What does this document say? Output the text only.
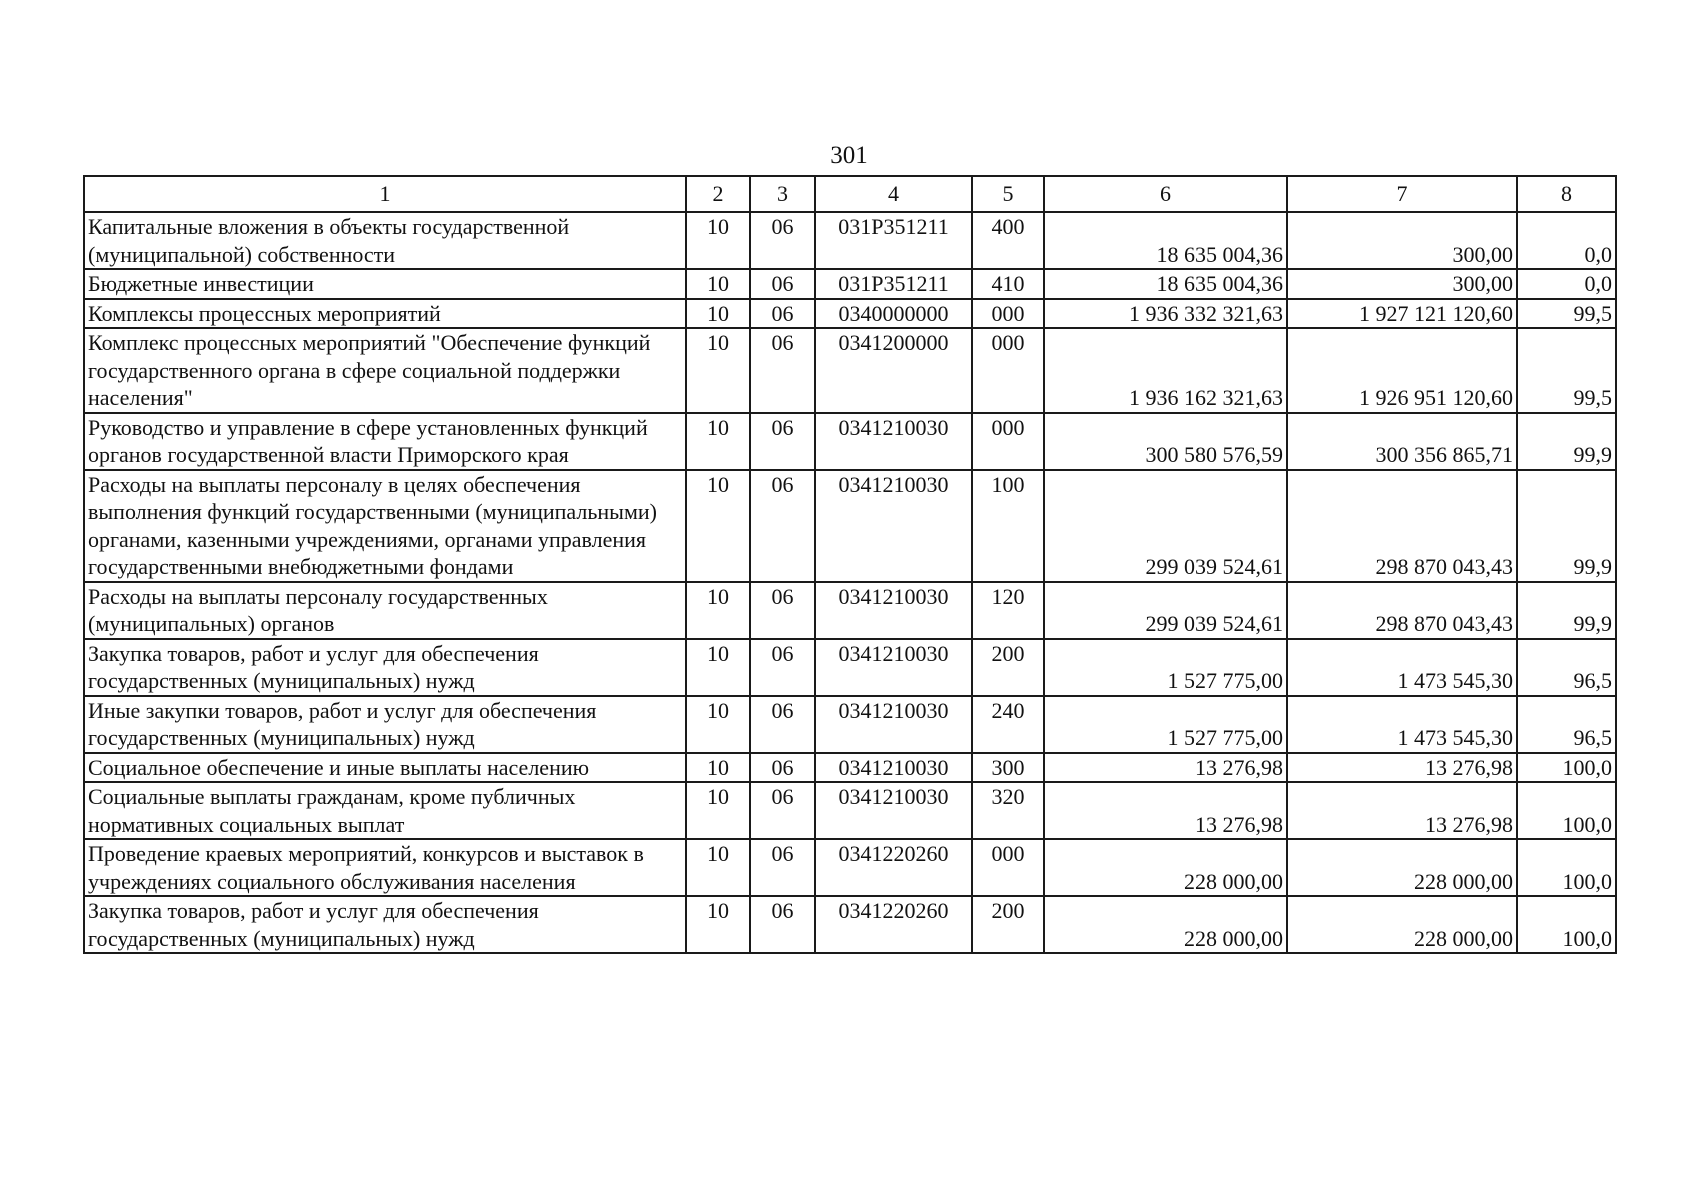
301
1	2	3	4	5	6	7	8
Капитальные вложения в объекты государственной (муниципальной) собственности	10	06	031Р351211	400	18 635 004,36	300,00	0,0
Бюджетные инвестиции	10	06	031Р351211	410	18 635 004,36	300,00	0,0
Комплексы процессных мероприятий	10	06	0340000000	000	1 936 332 321,63	1 927 121 120,60	99,5
Комплекс процессных мероприятий "Обеспечение функций государственного органа в сфере социальной поддержки населения"	10	06	0341200000	000	1 936 162 321,63	1 926 951 120,60	99,5
Руководство и управление в сфере установленных функций органов государственной власти Приморского края	10	06	0341210030	000	300 580 576,59	300 356 865,71	99,9
Расходы на выплаты персоналу в целях обеспечения выполнения функций государственными (муниципальными) органами, казенными учреждениями, органами управления государственными внебюджетными фондами	10	06	0341210030	100	299 039 524,61	298 870 043,43	99,9
Расходы на выплаты персоналу государственных (муниципальных) органов	10	06	0341210030	120	299 039 524,61	298 870 043,43	99,9
Закупка товаров, работ и услуг для обеспечения государственных (муниципальных) нужд	10	06	0341210030	200	1 527 775,00	1 473 545,30	96,5
Иные закупки товаров, работ и услуг для обеспечения государственных (муниципальных) нужд	10	06	0341210030	240	1 527 775,00	1 473 545,30	96,5
Социальное обеспечение и иные выплаты населению	10	06	0341210030	300	13 276,98	13 276,98	100,0
Социальные выплаты гражданам, кроме публичных нормативных социальных выплат	10	06	0341210030	320	13 276,98	13 276,98	100,0
Проведение краевых мероприятий, конкурсов и выставок в учреждениях социального обслуживания населения	10	06	0341220260	000	228 000,00	228 000,00	100,0
Закупка товаров, работ и услуг для обеспечения государственных (муниципальных) нужд	10	06	0341220260	200	228 000,00	228 000,00	100,0
